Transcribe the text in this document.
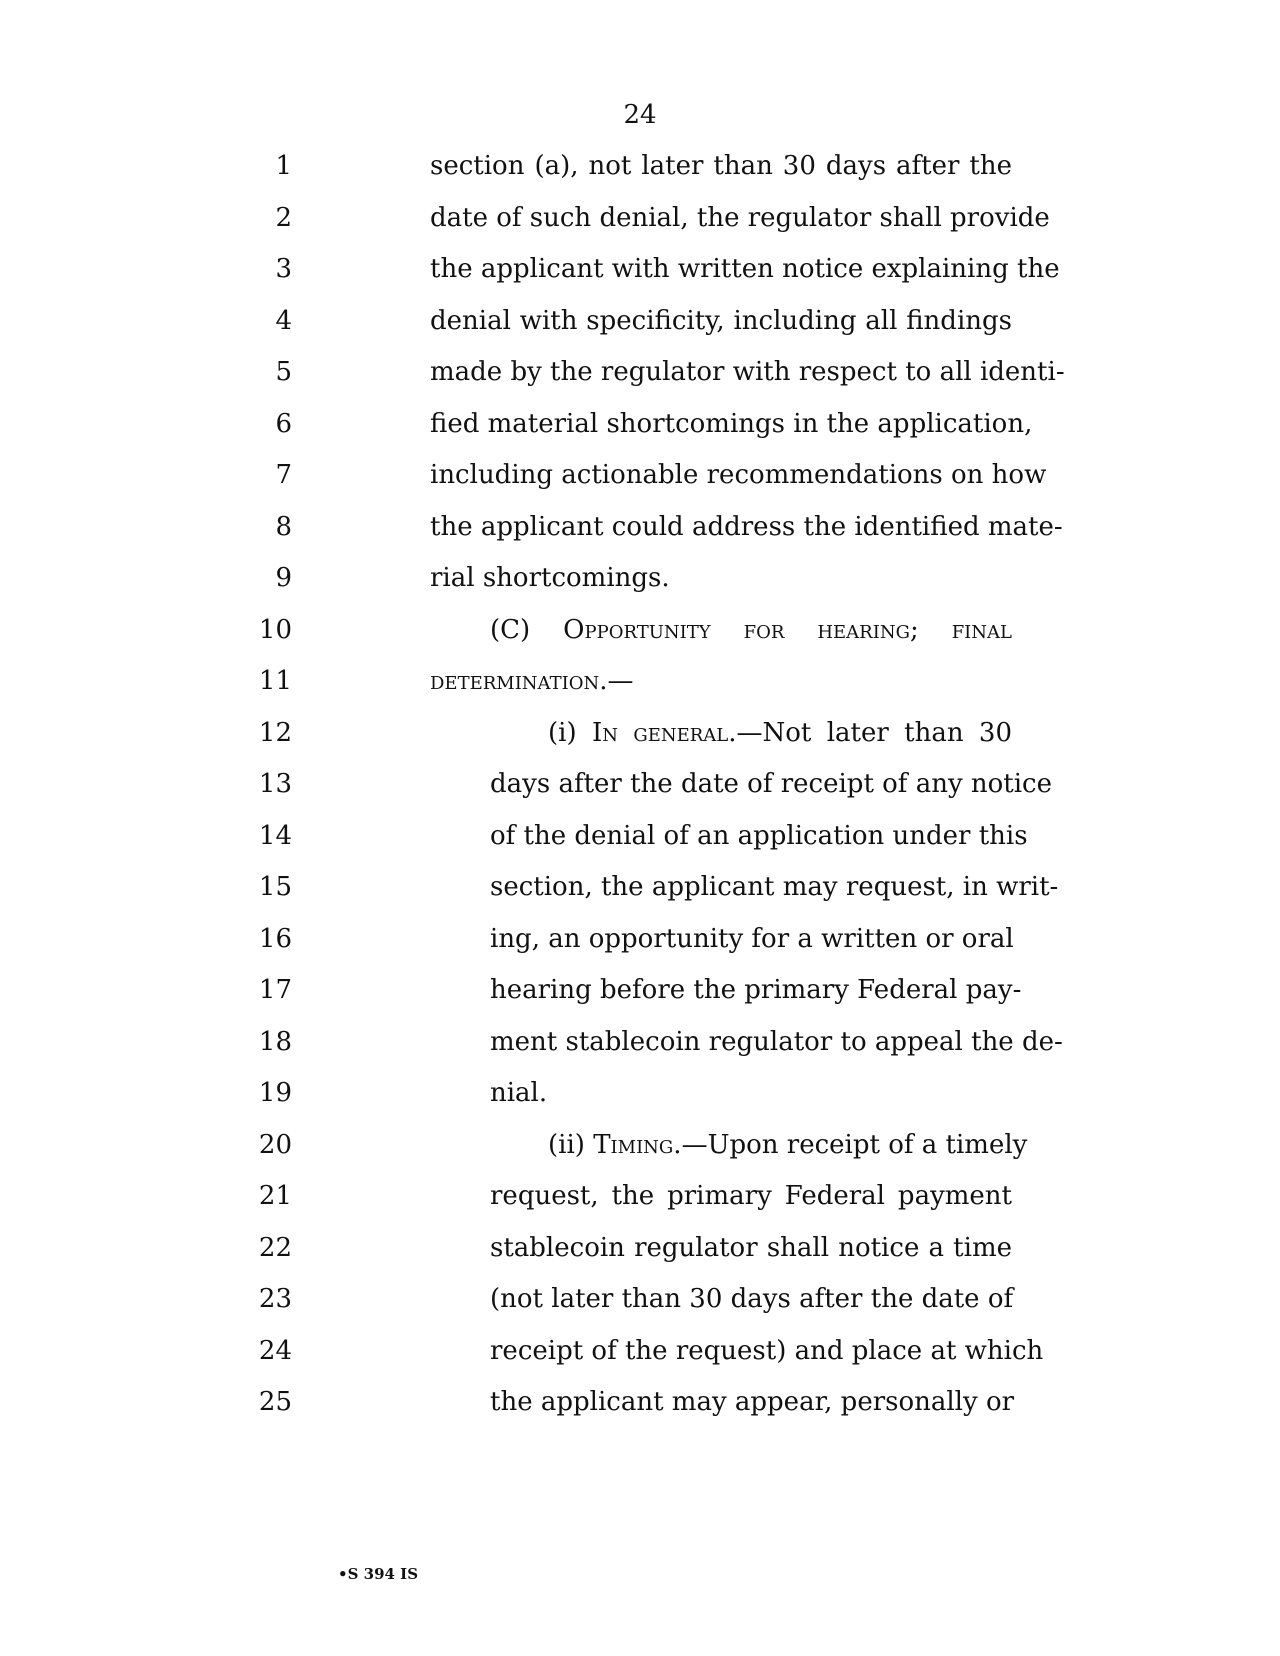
24
1	section (a), not later than 30 days after the
2	date of such denial, the regulator shall provide
3	the applicant with written notice explaining the
4	denial with specificity, including all findings
5	made by the regulator with respect to all identi-
6	fied material shortcomings in the application,
7	including actionable recommendations on how
8	the applicant could address the identified mate-
9	rial shortcomings.
10	(C) Opportunity for hearing; final
11	determination.—
12	(i) In general.—Not later than 30
13	days after the date of receipt of any notice
14	of the denial of an application under this
15	section, the applicant may request, in writ-
16	ing, an opportunity for a written or oral
17	hearing before the primary Federal pay-
18	ment stablecoin regulator to appeal the de-
19	nial.
20	(ii) Timing.—Upon receipt of a timely
21	request, the primary Federal payment
22	stablecoin regulator shall notice a time
23	(not later than 30 days after the date of
24	receipt of the request) and place at which
25	the applicant may appear, personally or
•S 394 IS
